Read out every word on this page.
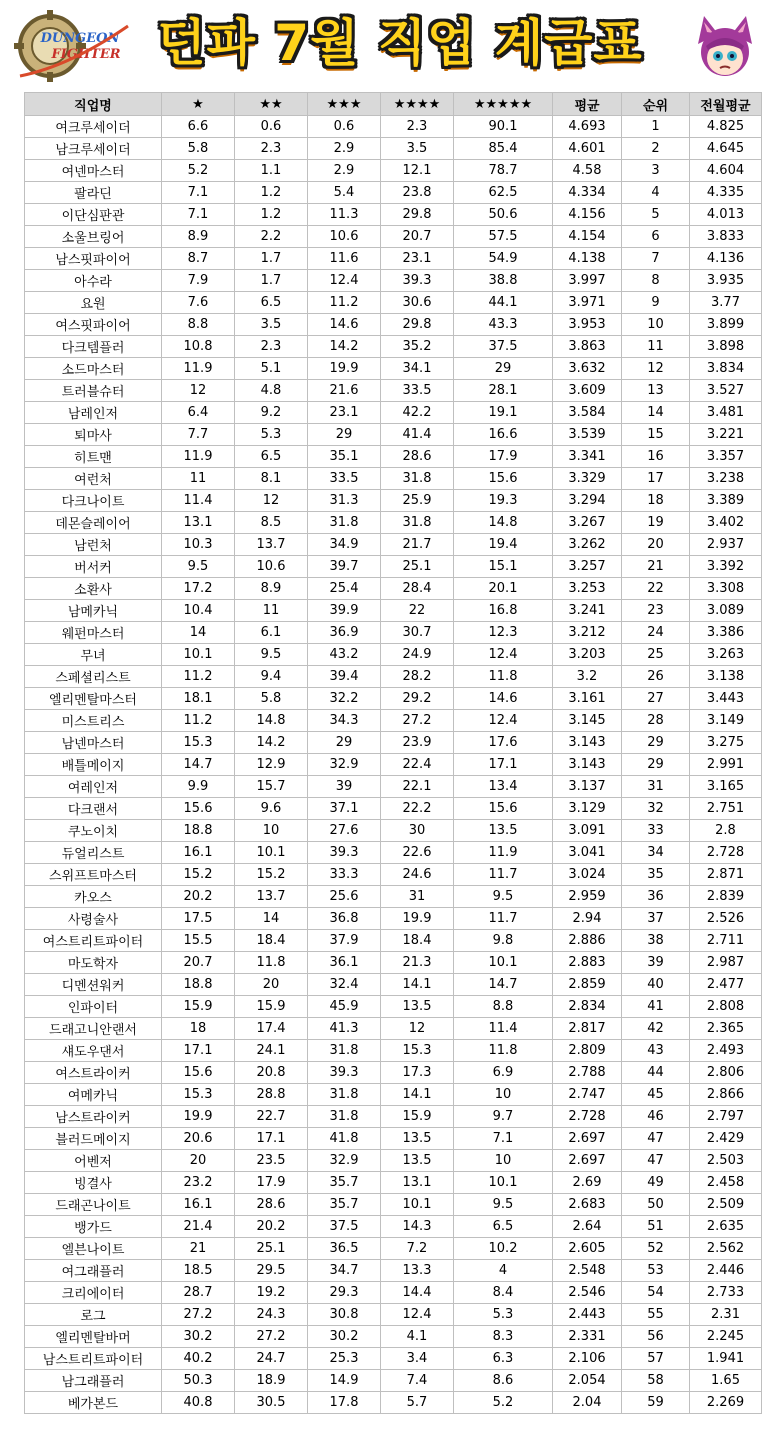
DUNGEON
FIGHTER 던파 7월 직업 계급표
직업명	★	★★	★★★	★★★★	★★★★★	평균	순위	전월평균
여크루세이더	6.6	0.6	0.6	2.3	90.1	4.693	1	4.825
남크루세이더	5.8	2.3	2.9	3.5	85.4	4.601	2	4.645
여넨마스터	5.2	1.1	2.9	12.1	78.7	4.58	3	4.604
팔라딘	7.1	1.2	5.4	23.8	62.5	4.334	4	4.335
이단심판관	7.1	1.2	11.3	29.8	50.6	4.156	5	4.013
소울브링어	8.9	2.2	10.6	20.7	57.5	4.154	6	3.833
남스핏파이어	8.7	1.7	11.6	23.1	54.9	4.138	7	4.136
아수라	7.9	1.7	12.4	39.3	38.8	3.997	8	3.935
요원	7.6	6.5	11.2	30.6	44.1	3.971	9	3.77
여스핏파이어	8.8	3.5	14.6	29.8	43.3	3.953	10	3.899
다크템플러	10.8	2.3	14.2	35.2	37.5	3.863	11	3.898
소드마스터	11.9	5.1	19.9	34.1	29	3.632	12	3.834
트러블슈터	12	4.8	21.6	33.5	28.1	3.609	13	3.527
남레인저	6.4	9.2	23.1	42.2	19.1	3.584	14	3.481
퇴마사	7.7	5.3	29	41.4	16.6	3.539	15	3.221
히트맨	11.9	6.5	35.1	28.6	17.9	3.341	16	3.357
여런처	11	8.1	33.5	31.8	15.6	3.329	17	3.238
다크나이트	11.4	12	31.3	25.9	19.3	3.294	18	3.389
데몬슬레이어	13.1	8.5	31.8	31.8	14.8	3.267	19	3.402
남런처	10.3	13.7	34.9	21.7	19.4	3.262	20	2.937
버서커	9.5	10.6	39.7	25.1	15.1	3.257	21	3.392
소환사	17.2	8.9	25.4	28.4	20.1	3.253	22	3.308
남메카닉	10.4	11	39.9	22	16.8	3.241	23	3.089
웨펀마스터	14	6.1	36.9	30.7	12.3	3.212	24	3.386
무녀	10.1	9.5	43.2	24.9	12.4	3.203	25	3.263
스페셜리스트	11.2	9.4	39.4	28.2	11.8	3.2	26	3.138
엘리멘탈마스터	18.1	5.8	32.2	29.2	14.6	3.161	27	3.443
미스트리스	11.2	14.8	34.3	27.2	12.4	3.145	28	3.149
남넨마스터	15.3	14.2	29	23.9	17.6	3.143	29	3.275
배틀메이지	14.7	12.9	32.9	22.4	17.1	3.143	29	2.991
여레인저	9.9	15.7	39	22.1	13.4	3.137	31	3.165
다크랜서	15.6	9.6	37.1	22.2	15.6	3.129	32	2.751
쿠노이치	18.8	10	27.6	30	13.5	3.091	33	2.8
듀얼리스트	16.1	10.1	39.3	22.6	11.9	3.041	34	2.728
스위프트마스터	15.2	15.2	33.3	24.6	11.7	3.024	35	2.871
카오스	20.2	13.7	25.6	31	9.5	2.959	36	2.839
사령술사	17.5	14	36.8	19.9	11.7	2.94	37	2.526
여스트리트파이터	15.5	18.4	37.9	18.4	9.8	2.886	38	2.711
마도학자	20.7	11.8	36.1	21.3	10.1	2.883	39	2.987
디멘션워커	18.8	20	32.4	14.1	14.7	2.859	40	2.477
인파이터	15.9	15.9	45.9	13.5	8.8	2.834	41	2.808
드래고니안랜서	18	17.4	41.3	12	11.4	2.817	42	2.365
섀도우댄서	17.1	24.1	31.8	15.3	11.8	2.809	43	2.493
여스트라이커	15.6	20.8	39.3	17.3	6.9	2.788	44	2.806
여메카닉	15.3	28.8	31.8	14.1	10	2.747	45	2.866
남스트라이커	19.9	22.7	31.8	15.9	9.7	2.728	46	2.797
블러드메이지	20.6	17.1	41.8	13.5	7.1	2.697	47	2.429
어벤저	20	23.5	32.9	13.5	10	2.697	47	2.503
빙결사	23.2	17.9	35.7	13.1	10.1	2.69	49	2.458
드래곤나이트	16.1	28.6	35.7	10.1	9.5	2.683	50	2.509
뱅가드	21.4	20.2	37.5	14.3	6.5	2.64	51	2.635
엘븐나이트	21	25.1	36.5	7.2	10.2	2.605	52	2.562
여그래플러	18.5	29.5	34.7	13.3	4	2.548	53	2.446
크리에이터	28.7	19.2	29.3	14.4	8.4	2.546	54	2.733
로그	27.2	24.3	30.8	12.4	5.3	2.443	55	2.31
엘리멘탈바머	30.2	27.2	30.2	4.1	8.3	2.331	56	2.245
남스트리트파이터	40.2	24.7	25.3	3.4	6.3	2.106	57	1.941
남그래플러	50.3	18.9	14.9	7.4	8.6	2.054	58	1.65
베가본드	40.8	30.5	17.8	5.7	5.2	2.04	59	2.269
